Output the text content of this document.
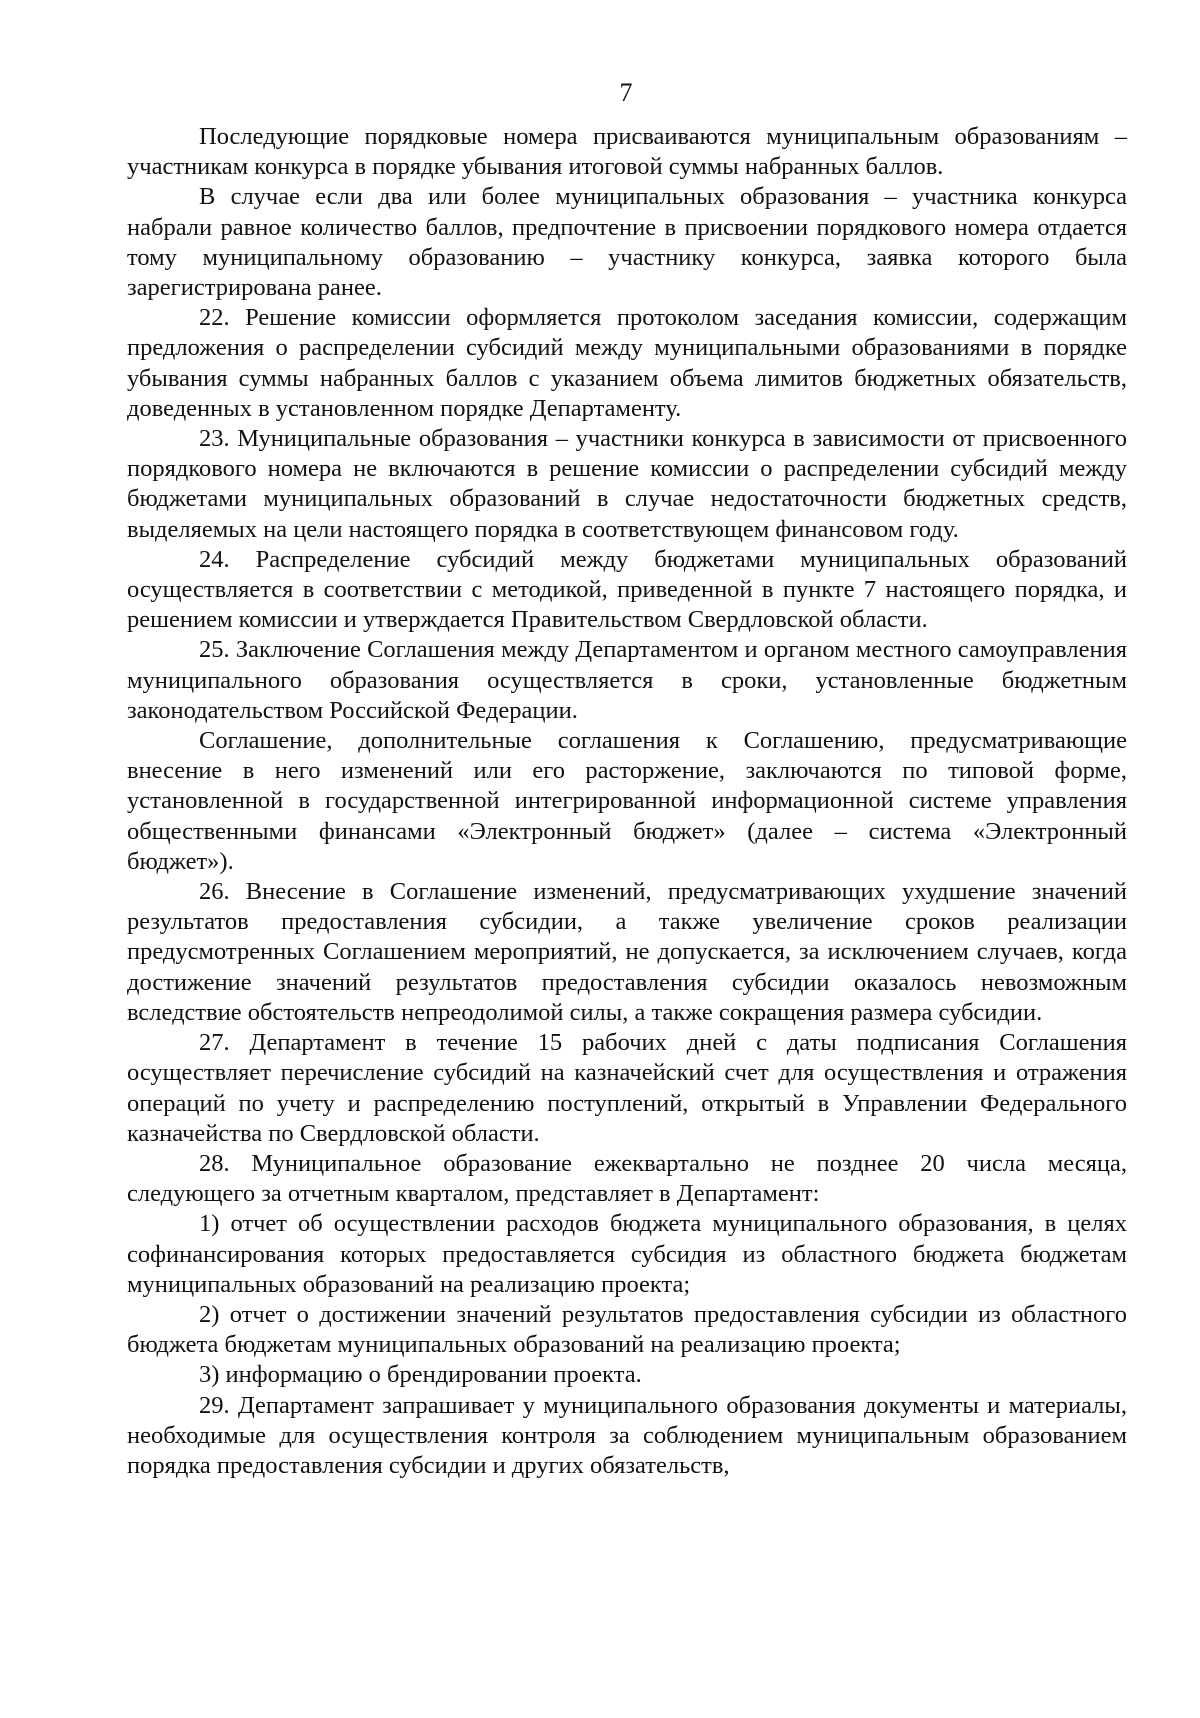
7

Последующие порядковые номера присваиваются муниципальным образованиям – участникам конкурса в порядке убывания итоговой суммы набранных баллов.

В случае если два или более муниципальных образования – участника конкурса набрали равное количество баллов, предпочтение в присвоении порядкового номера отдается тому муниципальному образованию – участнику конкурса, заявка которого была зарегистрирована ранее.

22. Решение комиссии оформляется протоколом заседания комиссии, содержащим предложения о распределении субсидий между муниципальными образованиями в порядке убывания суммы набранных баллов с указанием объема лимитов бюджетных обязательств, доведенных в установленном порядке Департаменту.

23. Муниципальные образования – участники конкурса в зависимости от присвоенного порядкового номера не включаются в решение комиссии о распределении субсидий между бюджетами муниципальных образований в случае недостаточности бюджетных средств, выделяемых на цели настоящего порядка в соответствующем финансовом году.

24. Распределение субсидий между бюджетами муниципальных образований осуществляется в соответствии с методикой, приведенной в пункте 7 настоящего порядка, и решением комиссии и утверждается Правительством Свердловской области.

25. Заключение Соглашения между Департаментом и органом местного самоуправления муниципального образования осуществляется в сроки, установленные бюджетным законодательством Российской Федерации.

Соглашение, дополнительные соглашения к Соглашению, предусматривающие внесение в него изменений или его расторжение, заключаются по типовой форме, установленной в государственной интегрированной информационной системе управления общественными финансами «Электронный бюджет» (далее – система «Электронный бюджет»).

26. Внесение в Соглашение изменений, предусматривающих ухудшение значений результатов предоставления субсидии, а также увеличение сроков реализации предусмотренных Соглашением мероприятий, не допускается, за исключением случаев, когда достижение значений результатов предоставления субсидии оказалось невозможным вследствие обстоятельств непреодолимой силы, а также сокращения размера субсидии.

27. Департамент в течение 15 рабочих дней с даты подписания Соглашения осуществляет перечисление субсидий на казначейский счет для осуществления и отражения операций по учету и распределению поступлений, открытый в Управлении Федерального казначейства по Свердловской области.

28. Муниципальное образование ежеквартально не позднее 20 числа месяца, следующего за отчетным кварталом, представляет в Департамент:

1) отчет об осуществлении расходов бюджета муниципального образования, в целях софинансирования которых предоставляется субсидия из областного бюджета бюджетам муниципальных образований на реализацию проекта;

2) отчет о достижении значений результатов предоставления субсидии из областного бюджета бюджетам муниципальных образований на реализацию проекта;

3) информацию о брендировании проекта.

29. Департамент запрашивает у муниципального образования документы и материалы, необходимые для осуществления контроля за соблюдением муниципальным образованием порядка предоставления субсидии и других обязательств,
